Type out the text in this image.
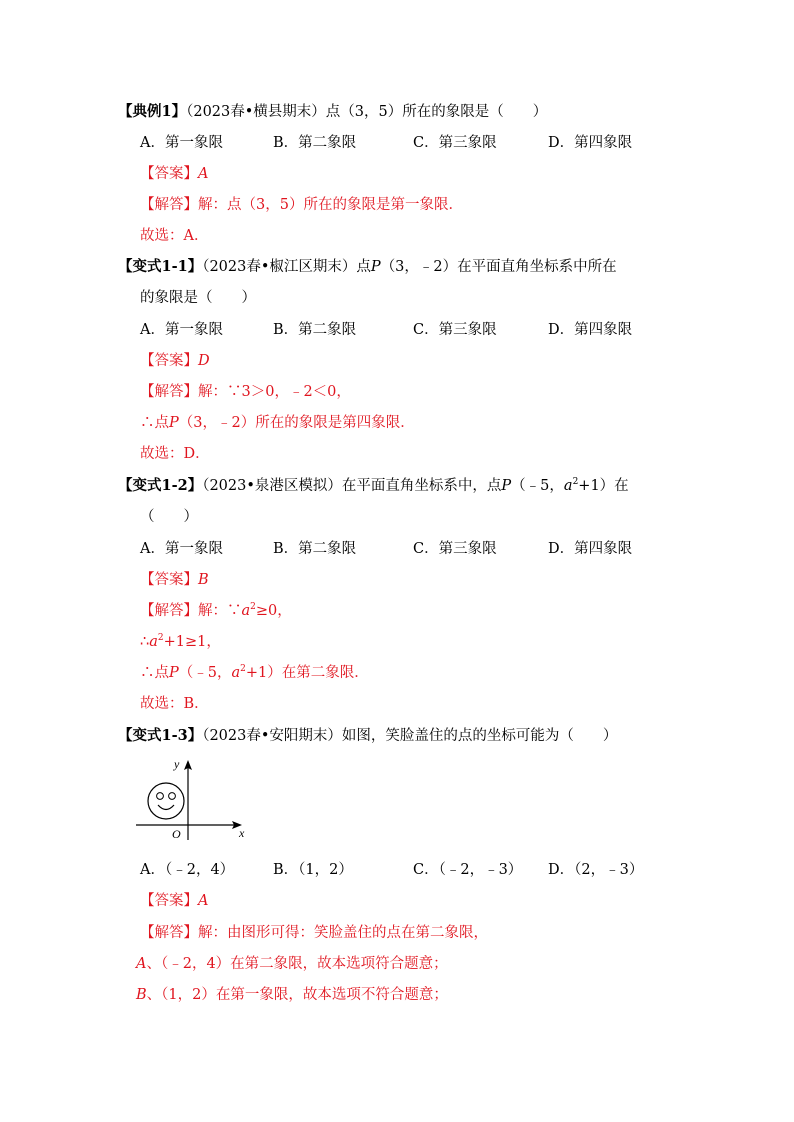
【典例1】（2023春•横县期末）点（3，5）所在的象限是（　　）
A．第一象限	B．第二象限	C．第三象限	D．第四象限
【答案】A
【解答】解：点（3，5）所在的象限是第一象限．
故选：A．
【变式1-1】（2023春•椒江区期末）点P（3，﹣2）在平面直角坐标系中所在
的象限是（　　）
A．第一象限	B．第二象限	C．第三象限	D．第四象限
【答案】D
【解答】解：∵3＞0，﹣2＜0，
∴点P（3，﹣2）所在的象限是第四象限．
故选：D．
【变式1-2】（2023•泉港区模拟）在平面直角坐标系中，点P（﹣5，$a^2+1$）在
（　　）
A．第一象限	B．第二象限	C．第三象限	D．第四象限
【答案】B
【解答】解：$\because a^2\ge 0$，
$\therefore a^2+1\ge 1$，
∴点P（﹣5，$a^2+1$）在第二象限．
故选：B．
【变式1-3】（2023春•安阳期末）如图，笑脸盖住的点的坐标可能为（　　）
y
x
O
A．（﹣2，4）	B．（1，2）	C．（﹣2，﹣3） D．（2，﹣3）
【答案】A
【解答】解：由图形可得：笑脸盖住的点在第二象限，
A、（﹣2，4）在第二象限，故本选项符合题意；
B、（1，2）在第一象限，故本选项不符合题意；
